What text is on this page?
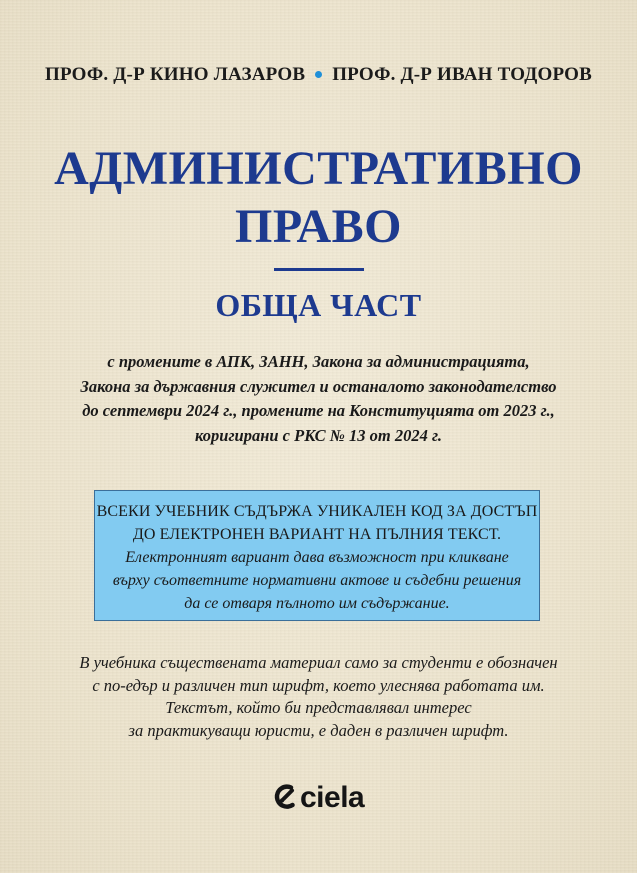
ПРОФ. Д-Р КИНО ЛАЗАРОВ ПРОФ. Д-Р ИВАН ТОДОРОВ
АДМИНИСТРАТИВНО
ПРАВО
ОБЩА ЧАСТ
с промените в АПК, ЗАНН, Закона за администрацията,
Закона за държавния служител и останалото законодателство
до септември 2024 г., промените на Конституцията от 2023 г.,
коригирани с РКС № 13 от 2024 г.
ВСЕКИ УЧЕБНИК СЪДЪРЖА УНИКАЛЕН КОД ЗА ДОСТЪП
ДО ЕЛЕКТРОНЕН ВАРИАНТ НА ПЪЛНИЯ ТЕКСТ.
Електронният вариант дава възможност при кликване
върху съответните нормативни актове и съдебни решения
да се отваря пълното им съдържание.
В учебника съществената материал само за студенти е обозначен
с по-едър и различен тип шрифт, което улеснява работата им.
Текстът, който би представлявал интерес
за практикуващи юристи, е даден в различен шрифт.
ciela
